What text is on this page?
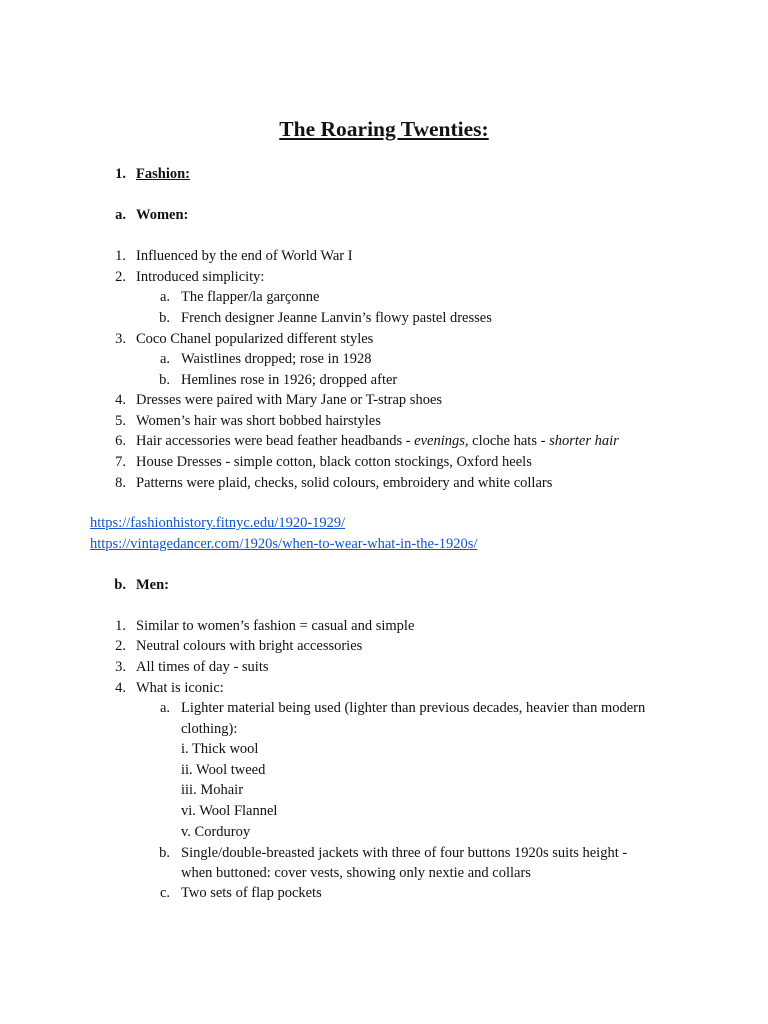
The Roaring Twenties:
1. Fashion:
a. Women:
1. Influenced by the end of World War I
2. Introduced simplicity:
a. The flapper/la garçonne
b. French designer Jeanne Lanvin’s flowy pastel dresses
3. Coco Chanel popularized different styles
a. Waistlines dropped; rose in 1928
b. Hemlines rose in 1926; dropped after
4. Dresses were paired with Mary Jane or T-strap shoes
5. Women’s hair was short bobbed hairstyles
6. Hair accessories were bead feather headbands - evenings, cloche hats - shorter hair
7. House Dresses - simple cotton, black cotton stockings, Oxford heels
8. Patterns were plaid, checks, solid colours, embroidery and white collars
https://fashionhistory.fitnyc.edu/1920-1929/
https://vintagedancer.com/1920s/when-to-wear-what-in-the-1920s/
b. Men:
1. Similar to women’s fashion = casual and simple
2. Neutral colours with bright accessories
3. All times of day - suits
4. What is iconic:
a. Lighter material being used (lighter than previous decades, heavier than modern
clothing):
i. Thick wool
ii. Wool tweed
iii. Mohair
vi. Wool Flannel
v. Corduroy
b. Single/double-breasted jackets with three of four buttons 1920s suits height -
when buttoned: cover vests, showing only nextie and collars
c. Two sets of flap pockets
